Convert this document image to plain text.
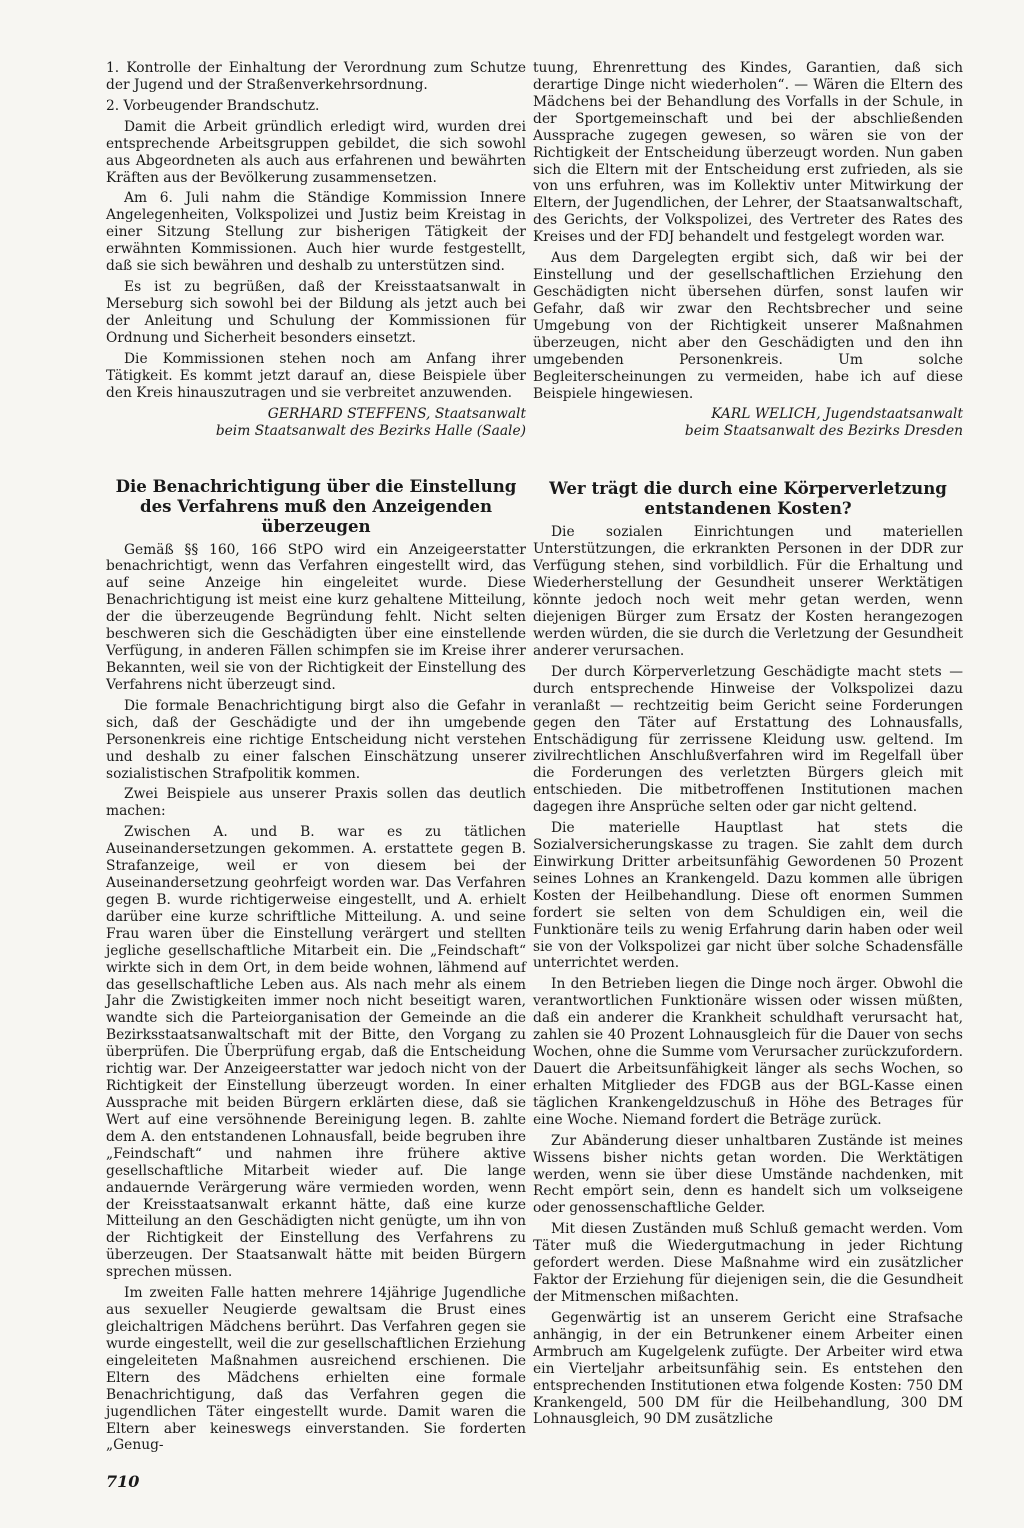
1. Kontrolle der Einhaltung der Verordnung zum Schutze der Jugend und der Straßenverkehrsordnung.

2. Vorbeugender Brandschutz.

Damit die Arbeit gründlich erledigt wird, wurden drei entsprechende Arbeitsgruppen gebildet, die sich sowohl aus Abgeordneten als auch aus erfahrenen und bewährten Kräften aus der Bevölkerung zusammensetzen.

Am 6. Juli nahm die Ständige Kommission Innere Angelegenheiten, Volkspolizei und Justiz beim Kreistag in einer Sitzung Stellung zur bisherigen Tätigkeit der erwähnten Kommissionen. Auch hier wurde festgestellt, daß sie sich bewähren und deshalb zu unterstützen sind.

Es ist zu begrüßen, daß der Kreisstaatsanwalt in Merseburg sich sowohl bei der Bildung als jetzt auch bei der Anleitung und Schulung der Kommissionen für Ordnung und Sicherheit besonders einsetzt.

Die Kommissionen stehen noch am Anfang ihrer Tätigkeit. Es kommt jetzt darauf an, diese Beispiele über den Kreis hinauszutragen und sie verbreitet anzuwenden.

GERHARD STEFFENS, Staatsanwalt
beim Staatsanwalt des Bezirks Halle (Saale)
Die Benachrichtigung über die Einstellung des Verfahrens muß den Anzeigenden überzeugen

Gemäß §§ 160, 166 StPO wird ein Anzeigeerstatter benachrichtigt, wenn das Verfahren eingestellt wird, das auf seine Anzeige hin eingeleitet wurde. Diese Benachrichtigung ist meist eine kurz gehaltene Mitteilung, der die überzeugende Begründung fehlt. Nicht selten beschweren sich die Geschädigten über eine einstellende Verfügung, in anderen Fällen schimpfen sie im Kreise ihrer Bekannten, weil sie von der Richtigkeit der Einstellung des Verfahrens nicht überzeugt sind.

Die formale Benachrichtigung birgt also die Gefahr in sich, daß der Geschädigte und der ihn umgebende Personenkreis eine richtige Entscheidung nicht verstehen und deshalb zu einer falschen Einschätzung unserer sozialistischen Strafpolitik kommen.

Zwei Beispiele aus unserer Praxis sollen das deutlich machen:

Zwischen A. und B. war es zu tätlichen Auseinandersetzungen gekommen. A. erstattete gegen B. Strafanzeige, weil er von diesem bei der Auseinandersetzung geohrfeigt worden war. Das Verfahren gegen B. wurde richtigerweise eingestellt, und A. erhielt darüber eine kurze schriftliche Mitteilung. A. und seine Frau waren über die Einstellung verärgert und stellten jegliche gesellschaftliche Mitarbeit ein. Die „Feindschaft“ wirkte sich in dem Ort, in dem beide wohnen, lähmend auf das gesellschaftliche Leben aus. Als nach mehr als einem Jahr die Zwistigkeiten immer noch nicht beseitigt waren, wandte sich die Parteiorganisation der Gemeinde an die Bezirksstaatsanwaltschaft mit der Bitte, den Vorgang zu überprüfen. Die Überprüfung ergab, daß die Entscheidung richtig war. Der Anzeigeerstatter war jedoch nicht von der Richtigkeit der Einstellung überzeugt worden. In einer Aussprache mit beiden Bürgern erklärten diese, daß sie Wert auf eine versöhnende Bereinigung legen. B. zahlte dem A. den entstandenen Lohnausfall, beide begruben ihre „Feindschaft“ und nahmen ihre frühere aktive gesellschaftliche Mitarbeit wieder auf. Die lange andauernde Verärgerung wäre vermieden worden, wenn der Kreisstaatsanwalt erkannt hätte, daß eine kurze Mitteilung an den Geschädigten nicht genügte, um ihn von der Richtigkeit der Einstellung des Verfahrens zu überzeugen. Der Staatsanwalt hätte mit beiden Bürgern sprechen müssen.

Im zweiten Falle hatten mehrere 14jährige Jugendliche aus sexueller Neugierde gewaltsam die Brust eines gleichaltrigen Mädchens berührt. Das Verfahren gegen sie wurde eingestellt, weil die zur gesellschaftlichen Erziehung eingeleiteten Maßnahmen ausreichend erschienen. Die Eltern des Mädchens erhielten eine formale Benachrichtigung, daß das Verfahren gegen die jugendlichen Täter eingestellt wurde. Damit waren die Eltern aber keineswegs einverstanden. Sie forderten „Genug-

tuung, Ehrenrettung des Kindes, Garantien, daß sich derartige Dinge nicht wiederholen“. — Wären die Eltern des Mädchens bei der Behandlung des Vorfalls in der Schule, in der Sportgemeinschaft und bei der abschließenden Aussprache zugegen gewesen, so wären sie von der Richtigkeit der Entscheidung überzeugt worden. Nun gaben sich die Eltern mit der Entscheidung erst zufrieden, als sie von uns erfuhren, was im Kollektiv unter Mitwirkung der Eltern, der Jugendlichen, der Lehrer, der Staatsanwaltschaft, des Gerichts, der Volkspolizei, des Vertreter des Rates des Kreises und der FDJ behandelt und festgelegt worden war.

Aus dem Dargelegten ergibt sich, daß wir bei der Einstellung und der gesellschaftlichen Erziehung den Geschädigten nicht übersehen dürfen, sonst laufen wir Gefahr, daß wir zwar den Rechtsbrecher und seine Umgebung von der Richtigkeit unserer Maßnahmen überzeugen, nicht aber den Geschädigten und den ihn umgebenden Personenkreis. Um solche Begleiterscheinungen zu vermeiden, habe ich auf diese Beispiele hingewiesen.

KARL WELICH, Jugendstaatsanwalt
beim Staatsanwalt des Bezirks Dresden
Wer trägt die durch eine Körperverletzung entstandenen Kosten?

Die sozialen Einrichtungen und materiellen Unterstützungen, die erkrankten Personen in der DDR zur Verfügung stehen, sind vorbildlich. Für die Erhaltung und Wiederherstellung der Gesundheit unserer Werktätigen könnte jedoch noch weit mehr getan werden, wenn diejenigen Bürger zum Ersatz der Kosten herangezogen werden würden, die sie durch die Verletzung der Gesundheit anderer verursachen.

Der durch Körperverletzung Geschädigte macht stets — durch entsprechende Hinweise der Volkspolizei dazu veranlaßt — rechtzeitig beim Gericht seine Forderungen gegen den Täter auf Erstattung des Lohnausfalls, Entschädigung für zerrissene Kleidung usw. geltend. Im zivilrechtlichen Anschlußverfahren wird im Regelfall über die Forderungen des verletzten Bürgers gleich mit entschieden. Die mitbetroffenen Institutionen machen dagegen ihre Ansprüche selten oder gar nicht geltend.

Die materielle Hauptlast hat stets die Sozialversicherungskasse zu tragen. Sie zahlt dem durch Einwirkung Dritter arbeitsunfähig Gewordenen 50 Prozent seines Lohnes an Krankengeld. Dazu kommen alle übrigen Kosten der Heilbehandlung. Diese oft enormen Summen fordert sie selten von dem Schuldigen ein, weil die Funktionäre teils zu wenig Erfahrung darin haben oder weil sie von der Volkspolizei gar nicht über solche Schadensfälle unterrichtet werden.

In den Betrieben liegen die Dinge noch ärger. Obwohl die verantwortlichen Funktionäre wissen oder wissen müßten, daß ein anderer die Krankheit schuldhaft verursacht hat, zahlen sie 40 Prozent Lohnausgleich für die Dauer von sechs Wochen, ohne die Summe vom Verursacher zurückzufordern. Dauert die Arbeitsunfähigkeit länger als sechs Wochen, so erhalten Mitglieder des FDGB aus der BGL-Kasse einen täglichen Krankengeldzuschuß in Höhe des Betrages für eine Woche. Niemand fordert die Beträge zurück.

Zur Abänderung dieser unhaltbaren Zustände ist meines Wissens bisher nichts getan worden. Die Werktätigen werden, wenn sie über diese Umstände nachdenken, mit Recht empört sein, denn es handelt sich um volkseigene oder genossenschaftliche Gelder.

Mit diesen Zuständen muß Schluß gemacht werden. Vom Täter muß die Wiedergutmachung in jeder Richtung gefordert werden. Diese Maßnahme wird ein zusätzlicher Faktor der Erziehung für diejenigen sein, die die Gesundheit der Mitmenschen mißachten.

Gegenwärtig ist an unserem Gericht eine Strafsache anhängig, in der ein Betrunkener einem Arbeiter einen Armbruch am Kugelgelenk zufügte. Der Arbeiter wird etwa ein Vierteljahr arbeitsunfähig sein. Es entstehen den entsprechenden Institutionen etwa folgende Kosten: 750 DM Krankengeld, 500 DM für die Heilbehandlung, 300 DM Lohnausgleich, 90 DM zusätzliche

710
